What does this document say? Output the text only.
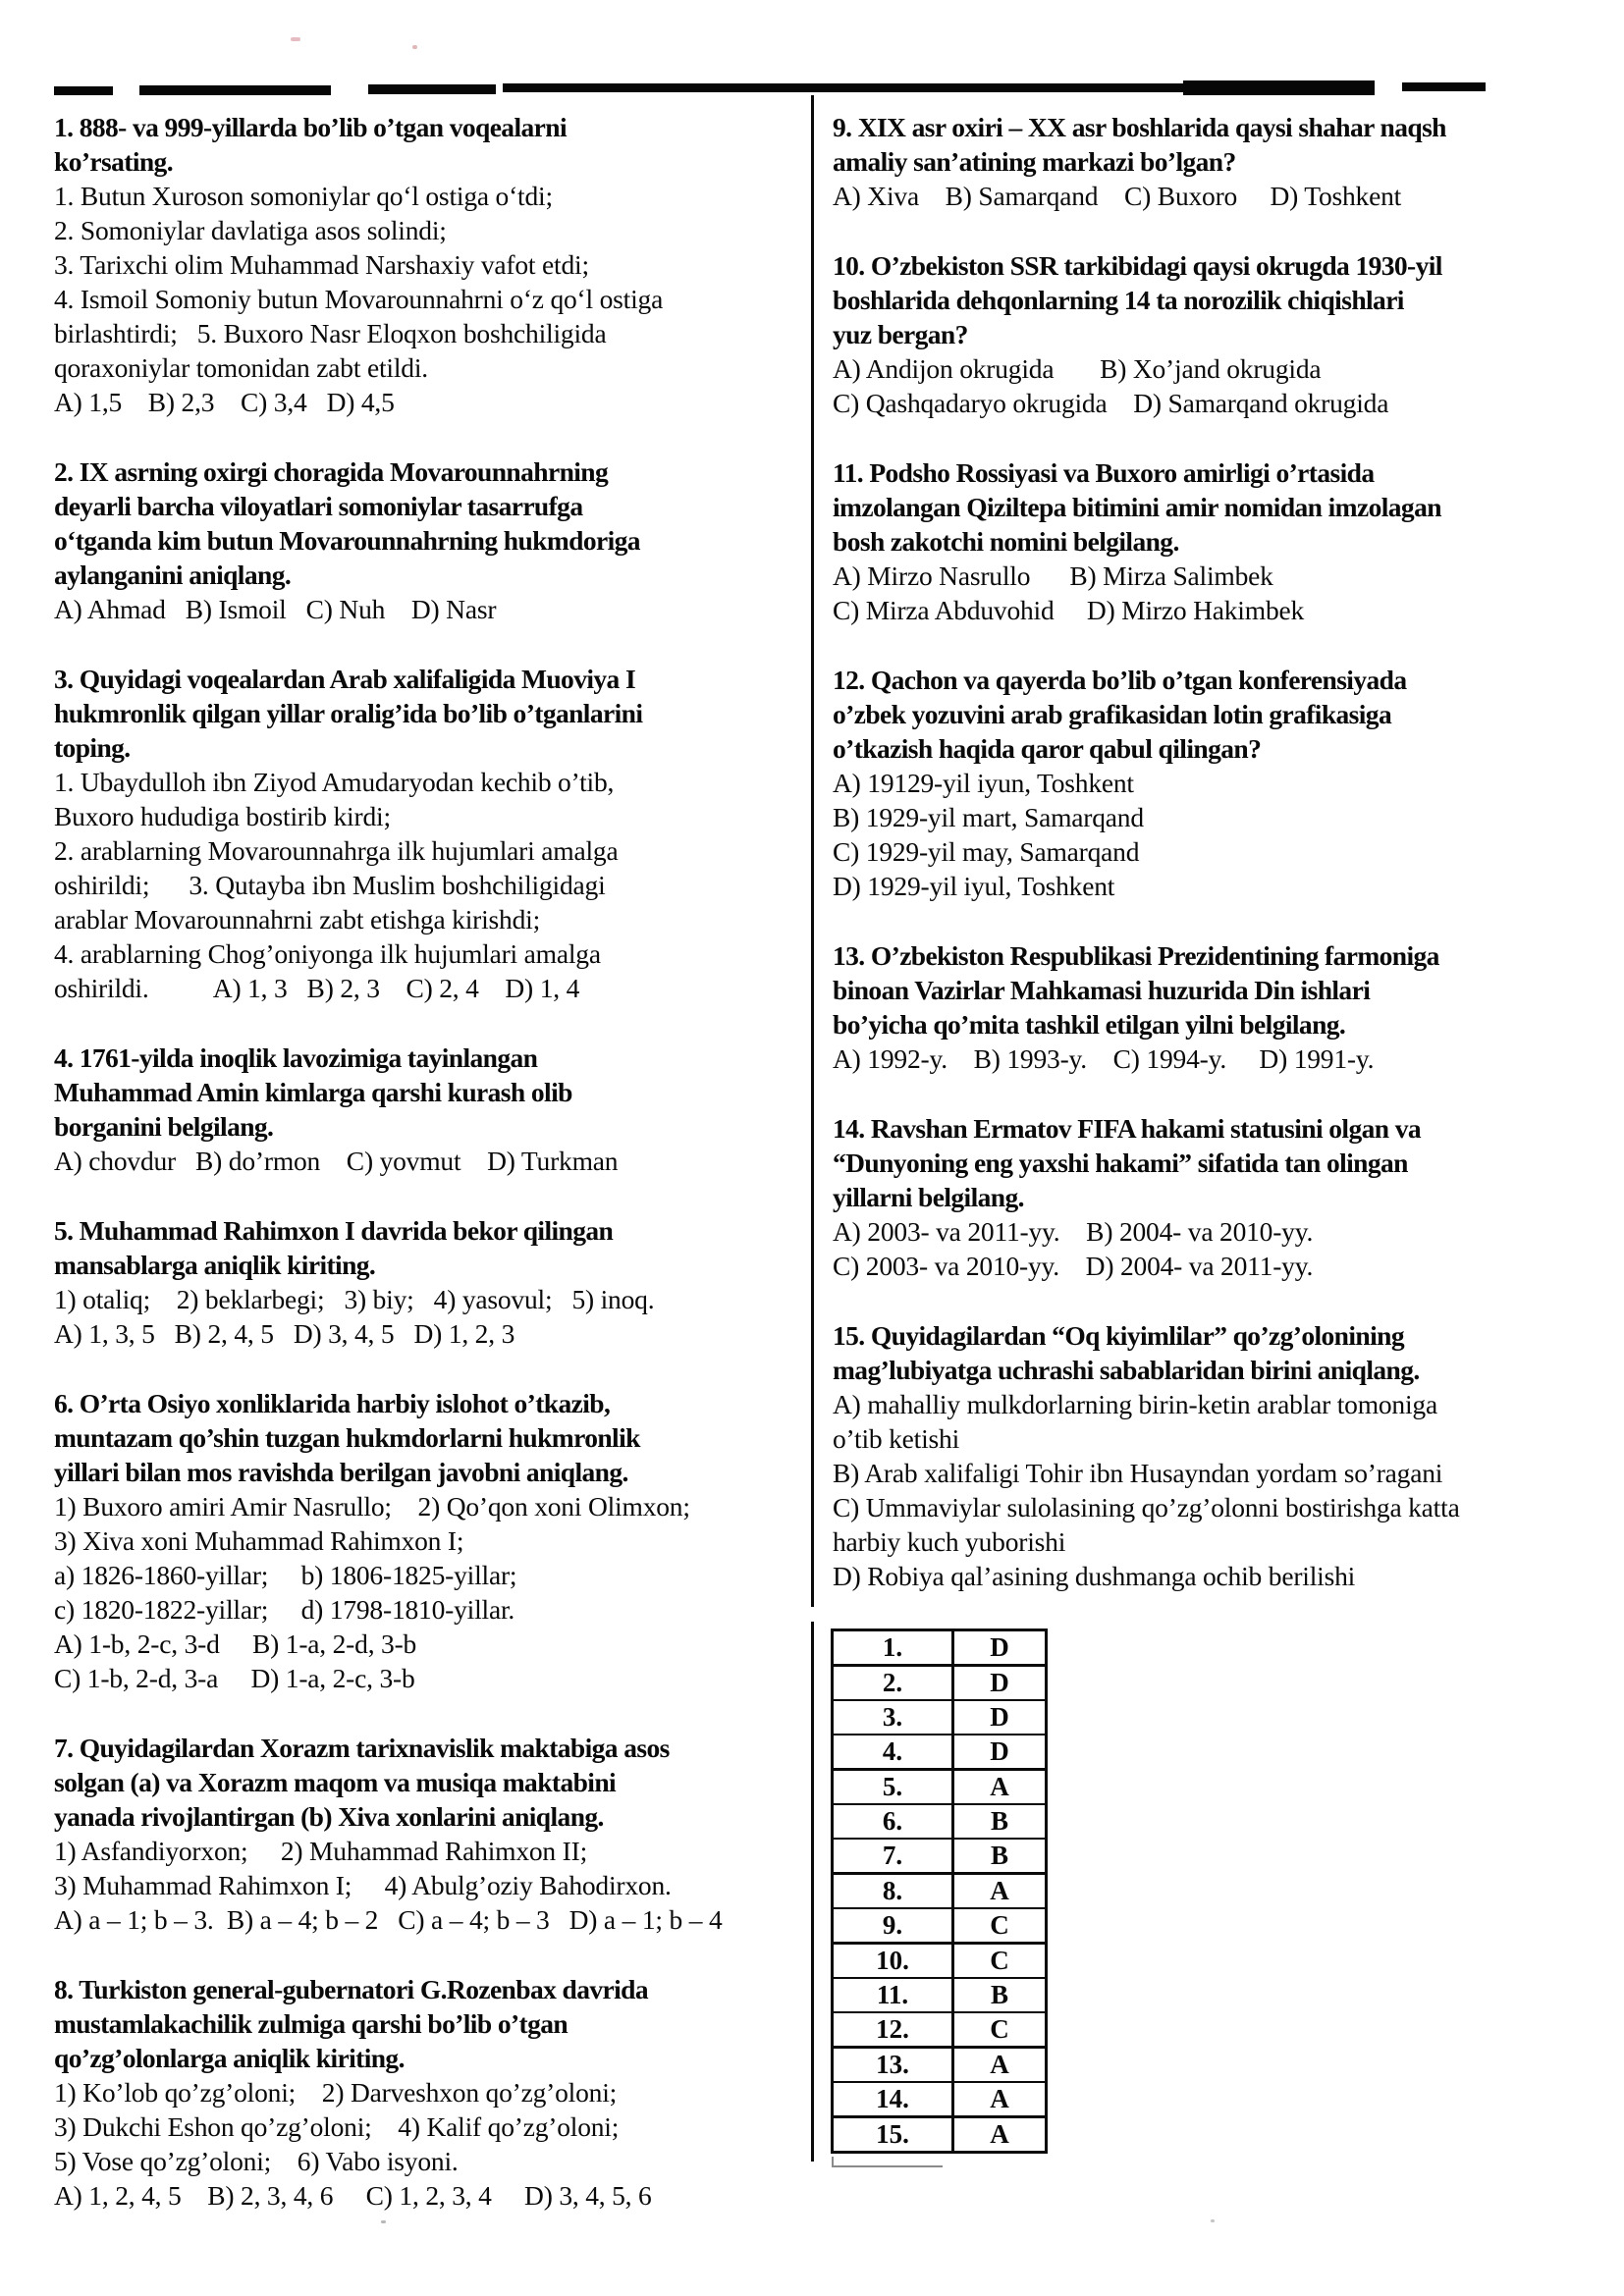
1. 888- va 999-yillarda bo’lib o’tgan voqealarni
ko’rsating.
1. Butun Xuroson somoniylar qo‘l ostiga o‘tdi;
2. Somoniylar davlatiga asos solindi;
3. Tarixchi olim Muhammad Narshaxiy vafot etdi;
4. Ismoil Somoniy butun Movarounnahrni o‘z qo‘l ostiga
birlashtirdi;   5. Buxoro Nasr Eloqxon boshchiligida
qoraxoniylar tomonidan zabt etildi.
A) 1,5    B) 2,3    C) 3,4   D) 4,5
2. IX asrning oxirgi choragida Movarounnahrning
deyarli barcha viloyatlari somoniylar tasarrufga
o‘tganda kim butun Movarounnahrning hukmdoriga
aylanganini aniqlang.
A) Ahmad   B) Ismoil   C) Nuh    D) Nasr
3. Quyidagi voqealardan Arab xalifaligida Muoviya I
hukmronlik qilgan yillar oralig’ida bo’lib o’tganlarini
toping.
1. Ubaydulloh ibn Ziyod Amudaryodan kechib o’tib,
Buxoro hududiga bostirib kirdi;
2. arablarning Movarounnahrga ilk hujumlari amalga
oshirildi;      3. Qutayba ibn Muslim boshchiligidagi
arablar Movarounnahrni zabt etishga kirishdi;
4. arablarning Chog’oniyonga ilk hujumlari amalga
oshirildi.          A) 1, 3   B) 2, 3    C) 2, 4    D) 1, 4
4. 1761-yilda inoqlik lavozimiga tayinlangan
Muhammad Amin kimlarga qarshi kurash olib
borganini belgilang.
A) chovdur   B) do’rmon    C) yovmut    D) Turkman
5. Muhammad Rahimxon I davrida bekor qilingan
mansablarga aniqlik kiriting.
1) otaliq;    2) beklarbegi;   3) biy;   4) yasovul;   5) inoq.
A) 1, 3, 5   B) 2, 4, 5   D) 3, 4, 5   D) 1, 2, 3
6. O’rta Osiyo xonliklarida harbiy islohot o’tkazib,
muntazam qo’shin tuzgan hukmdorlarni hukmronlik
yillari bilan mos ravishda berilgan javobni aniqlang.
1) Buxoro amiri Amir Nasrullo;    2) Qo’qon xoni Olimxon;
3) Xiva xoni Muhammad Rahimxon I;
a) 1826-1860-yillar;     b) 1806-1825-yillar;
c) 1820-1822-yillar;     d) 1798-1810-yillar.
A) 1-b, 2-c, 3-d     B) 1-a, 2-d, 3-b
C) 1-b, 2-d, 3-a     D) 1-a, 2-c, 3-b
7. Quyidagilardan Xorazm tarixnavislik maktabiga asos
solgan (a) va Xorazm maqom va musiqa maktabini
yanada rivojlantirgan (b) Xiva xonlarini aniqlang.
1) Asfandiyorxon;     2) Muhammad Rahimxon II;
3) Muhammad Rahimxon I;     4) Abulg’oziy Bahodirxon.
A) a – 1; b – 3.  B) a – 4; b – 2   C) a – 4; b – 3   D) a – 1; b – 4
8. Turkiston general-gubernatori G.Rozenbax davrida
mustamlakachilik zulmiga qarshi bo’lib o’tgan
qo’zg’olonlarga aniqlik kiriting.
1) Ko’lob qo’zg’oloni;    2) Darveshxon qo’zg’oloni;
3) Dukchi Eshon qo’zg’oloni;    4) Kalif qo’zg’oloni;
5) Vose qo’zg’oloni;    6) Vabo isyoni.
A) 1, 2, 4, 5    B) 2, 3, 4, 6     C) 1, 2, 3, 4     D) 3, 4, 5, 6
9. XIX asr oxiri – XX asr boshlarida qaysi shahar naqsh
amaliy san’atining markazi bo’lgan?
A) Xiva    B) Samarqand    C) Buxoro     D) Toshkent
10. O’zbekiston SSR tarkibidagi qaysi okrugda 1930-yil
boshlarida dehqonlarning 14 ta norozilik chiqishlari
yuz bergan?
A) Andijon okrugida       B) Xo’jand okrugida
C) Qashqadaryo okrugida    D) Samarqand okrugida
11. Podsho Rossiyasi va Buxoro amirligi o’rtasida
imzolangan Qiziltepa bitimini amir nomidan imzolagan
bosh zakotchi nomini belgilang.
A) Mirzo Nasrullo      B) Mirza Salimbek
C) Mirza Abduvohid     D) Mirzo Hakimbek
12. Qachon va qayerda bo’lib o’tgan konferensiyada
o’zbek yozuvini arab grafikasidan lotin grafikasiga
o’tkazish haqida qaror qabul qilingan?
A) 19129-yil iyun, Toshkent
B) 1929-yil mart, Samarqand
C) 1929-yil may, Samarqand
D) 1929-yil iyul, Toshkent
13. O’zbekiston Respublikasi Prezidentining farmoniga
binoan Vazirlar Mahkamasi huzurida Din ishlari
bo’yicha qo’mita tashkil etilgan yilni belgilang.
A) 1992-y.    B) 1993-y.    C) 1994-y.     D) 1991-y.
14. Ravshan Ermatov FIFA hakami statusini olgan va
“Dunyoning eng yaxshi hakami” sifatida tan olingan
yillarni belgilang.
A) 2003- va 2011-yy.    B) 2004- va 2010-yy.
C) 2003- va 2010-yy.    D) 2004- va 2011-yy.
15. Quyidagilardan “Oq kiyimlilar” qo’zg’olonining
mag’lubiyatga uchrashi sabablaridan birini aniqlang.
A) mahalliy mulkdorlarning birin-ketin arablar tomoniga
o’tib ketishi
B) Arab xalifaligi Tohir ibn Husayndan yordam so’ragani
C) Ummaviylar sulolasining qo’zg’olonni bostirishga katta
harbiy kuch yuborishi
D) Robiya qal’asining dushmanga ochib berilishi
1.	D
2.	D
3.	D
4.	D
5.	A
6.	B
7.	B
8.	A
9.	C
10.	C
11.	B
12.	C
13.	A
14.	A
15.	A
